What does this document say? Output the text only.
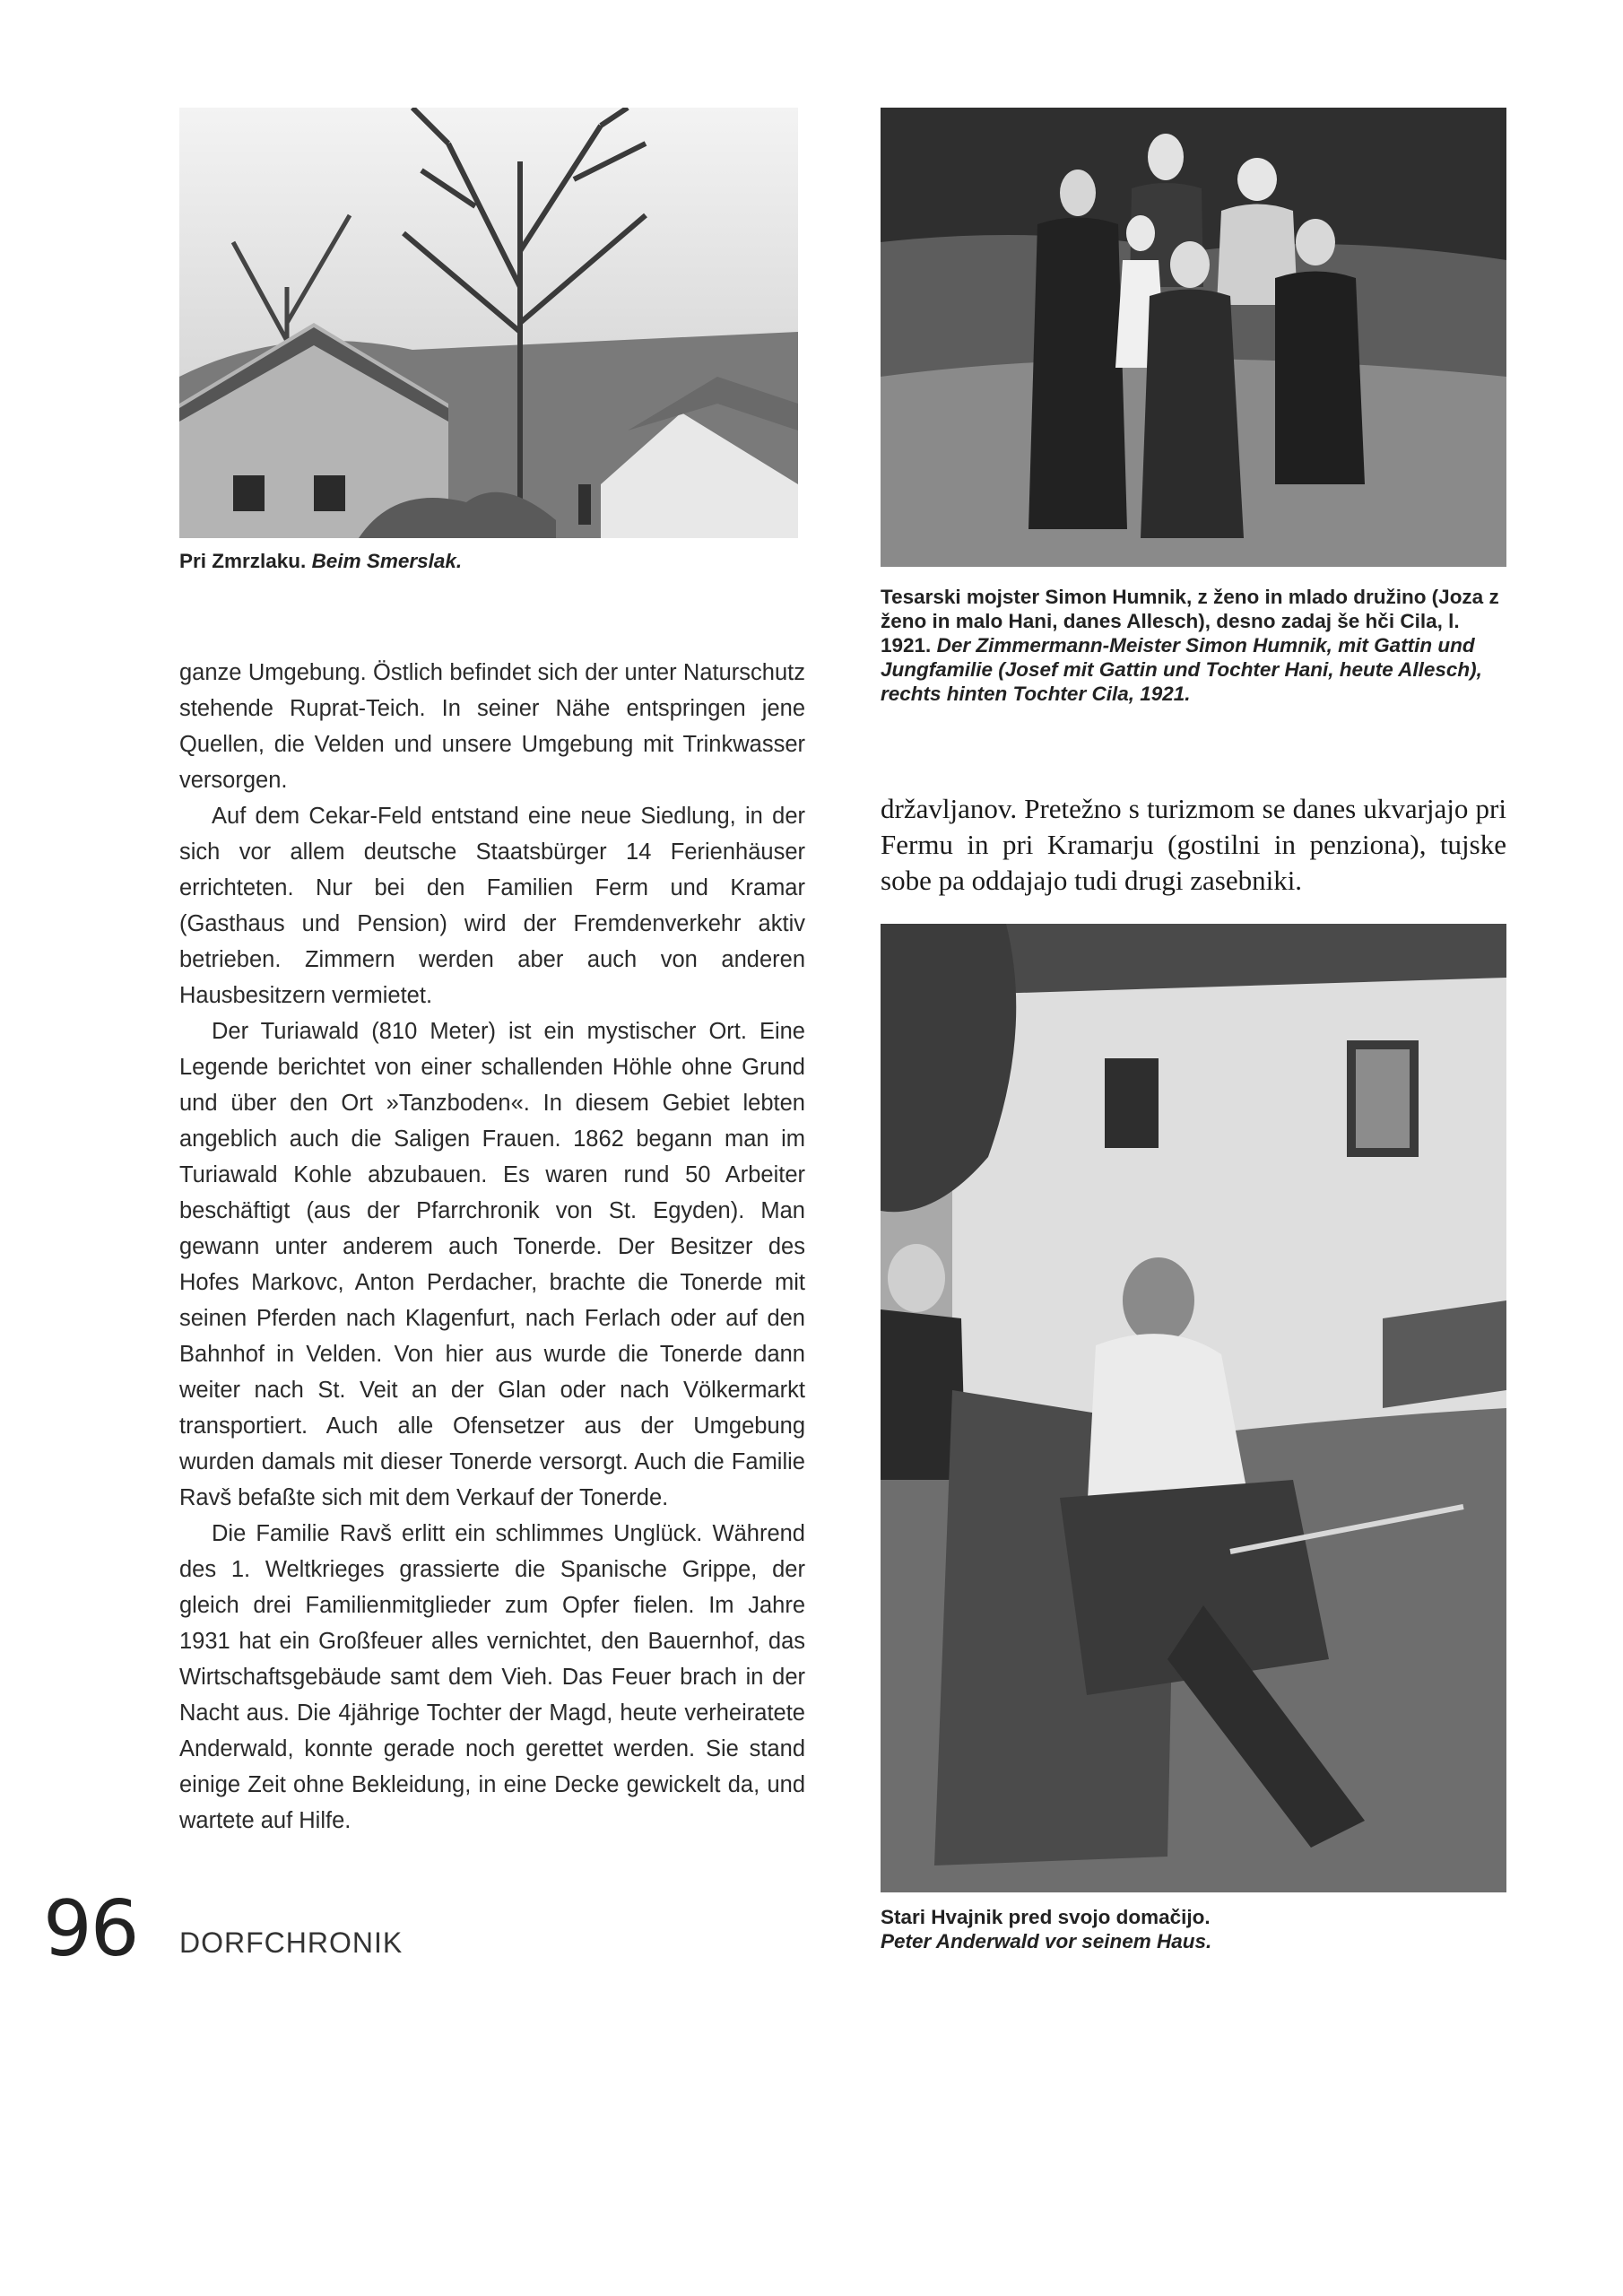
Pri Zmrzlaku. Beim Smerslak.
Tesarski mojster Simon Humnik, z ženo in mlado družino (Joza z ženo in malo Hani, danes Allesch), desno zadaj še hči Cila, l. 1921. Der Zimmermann-Meister Simon Humnik, mit Gattin und Jungfamilie (Josef mit Gattin und Tochter Hani, heute Allesch), rechts hinten Tochter Cila, 1921.

ganze Umgebung. Östlich befindet sich der unter Naturschutz stehende Ruprat-Teich. In seiner Nähe entspringen jene Quellen, die Velden und unsere Umgebung mit Trinkwasser versorgen.

Auf dem Cekar-Feld entstand eine neue Siedlung, in der sich vor allem deutsche Staatsbürger 14 Ferienhäuser errichteten. Nur bei den Familien Ferm und Kramar (Gasthaus und Pension) wird der Fremdenverkehr aktiv betrieben. Zimmern werden aber auch von anderen Hausbesitzern vermietet.

Der Turiawald (810 Meter) ist ein mystischer Ort. Eine Legende berichtet von einer schallenden Höhle ohne Grund und über den Ort »Tanzboden«. In diesem Gebiet lebten angeblich auch die Saligen Frauen. 1862 begann man im Turiawald Kohle abzubauen. Es waren rund 50 Arbeiter beschäftigt (aus der Pfarrchronik von St. Egyden). Man gewann unter anderem auch Tonerde. Der Besitzer des Hofes Markovc, Anton Perdacher, brachte die Tonerde mit seinen Pferden nach Klagenfurt, nach Ferlach oder auf den Bahnhof in Velden. Von hier aus wurde die Tonerde dann weiter nach St. Veit an der Glan oder nach Völkermarkt transportiert. Auch alle Ofensetzer aus der Umgebung wurden damals mit dieser Tonerde versorgt. Auch die Familie Ravš befaßte sich mit dem Verkauf der Tonerde.

Die Familie Ravš erlitt ein schlimmes Unglück. Während des 1. Weltkrieges grassierte die Spanische Grippe, der gleich drei Familienmitglieder zum Opfer fielen. Im Jahre 1931 hat ein Großfeuer alles vernichtet, den Bauernhof, das Wirtschaftsgebäude samt dem Vieh. Das Feuer brach in der Nacht aus. Die 4jährige Tochter der Magd, heute verheiratete Anderwald, konnte gerade noch gerettet werden. Sie stand einige Zeit ohne Bekleidung, in eine Decke gewickelt da, und wartete auf Hilfe.

državljanov. Pretežno s turizmom se danes ukvarjajo pri Fermu in pri Kramarju (gostilni in penziona), tujske sobe pa oddajajo tudi drugi zasebniki.
Stari Hvajnik pred svojo domačijo.
Peter Anderwald vor seinem Haus.
96 DORFCHRONIK
